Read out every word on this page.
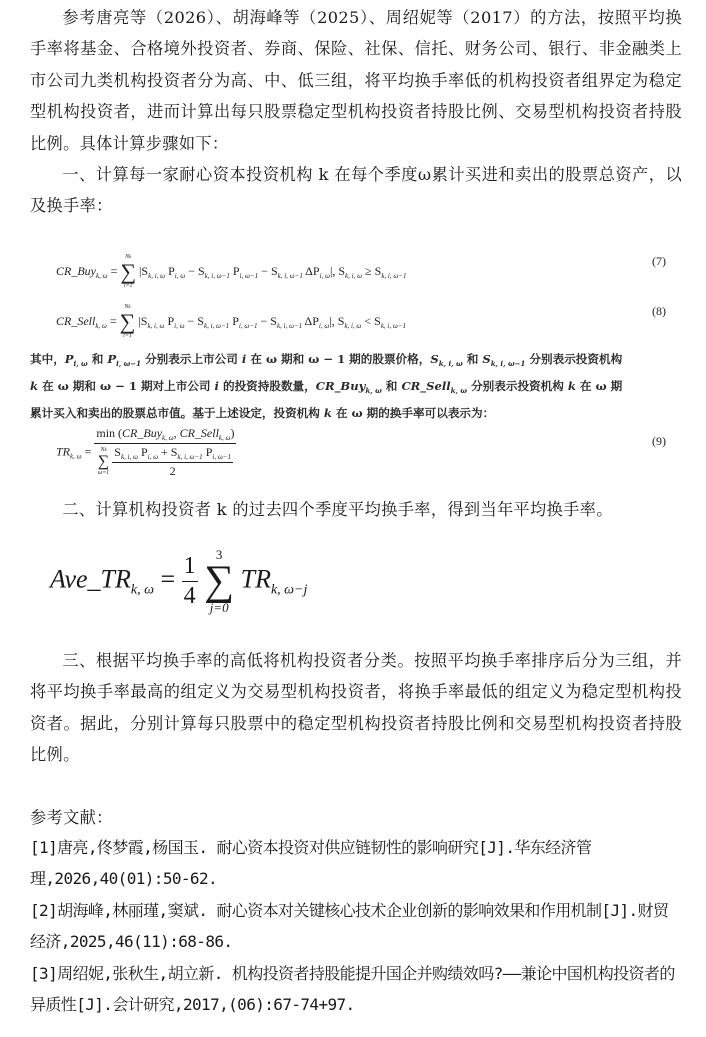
参考唐亮等（2026）、胡海峰等（2025）、周绍妮等（2017）的方法，按照平均换手率将基金、合格境外投资者、券商、保险、社保、信托、财务公司、银行、非金融类上市公司九类机构投资者分为高、中、低三组，将平均换手率低的机构投资者组界定为稳定型机构投资者，进而计算出每只股票稳定型机构投资者持股比例、交易型机构投资者持股比例。具体计算步骤如下：

一、计算每一家耐心资本投资机构 k 在每个季度ω累计买进和卖出的股票总资产，以及换手率：

CR_Buy$_{k, \omega}$ =
Nk
∑
i=1
$|S_{k, i, \omega}$ $P_{i, \omega} - S_{k, i, \omega-1}$ $P_{i, \omega-1} - S_{k, i, \omega-1}$ $\Delta P_{i, \omega}|$, $S_{k, i, \omega} \ge S_{k, i, \omega-1}$
(7)
CR_Sell$_{k, \omega}$ =
Nk
∑
i=1
$|S_{k, i, \omega}$ $P_{i, \omega} - S_{k, i, \omega-1}$ $P_{i, \omega-1} - S_{k, i, \omega-1}$ $\Delta P_{i, \omega}|$, $S_{k, i, \omega} < S_{k, i, \omega-1}$
(8)
其中，$P_{i, \omega}$ 和 $P_{i, \omega-1}$ 分别表示上市公司 i 在 ω 期和 ω − 1 期的股票价格，$S_{k, i, \omega}$ 和 $S_{k, i, \omega-1}$ 分别表示投资机构 k 在 ω 期和 ω − 1 期对上市公司 i 的投资持股数量，CR_Buy$_{k, \omega}$ 和 CR_Sell$_{k, \omega}$ 分别表示投资机构 k 在 ω 期累计买入和卖出的股票总市值。基于上述设定，投资机构 k 在 ω 期的换手率可以表示为：
$TR_{k, \omega} = \min$ (CR_Buy$_{k, \omega}$, CR_Sell$_{k, \omega}$)
Nk
∑
ω=1
$\frac{S_{k, i, \omega} P_{i, \omega} + S_{k, i, \omega-1} P_{i, \omega-1}}{2}$	(9)

二、计算机构投资者 k 的过去四个季度平均换手率，得到当年平均换手率。

$Ave\_TR_{k, \omega} = \frac{1}{4}$
	3
∑
j=0
$TR_{k, \omega-j}$

三、根据平均换手率的高低将机构投资者分类。按照平均换手率排序后分为三组，并将平均换手率最高的组定义为交易型机构投资者，将换手率最低的组定义为稳定型机构投资者。据此，分别计算每只股票中的稳定型机构投资者持股比例和交易型机构投资者持股比例。

参考文献：

[1]唐亮,佟梦霞,杨国玉. 耐心资本投资对供应链韧性的影响研究[J].华东经济管理,2026,40(01):50-62.

[2]胡海峰,林丽瑾,窦斌. 耐心资本对关键核心技术企业创新的影响效果和作用机制[J].财贸经济,2025,46(11):68-86.

[3]周绍妮,张秋生,胡立新. 机构投资者持股能提升国企并购绩效吗?——兼论中国机构投资者的异质性[J].会计研究,2017,(06):67-74+97.
